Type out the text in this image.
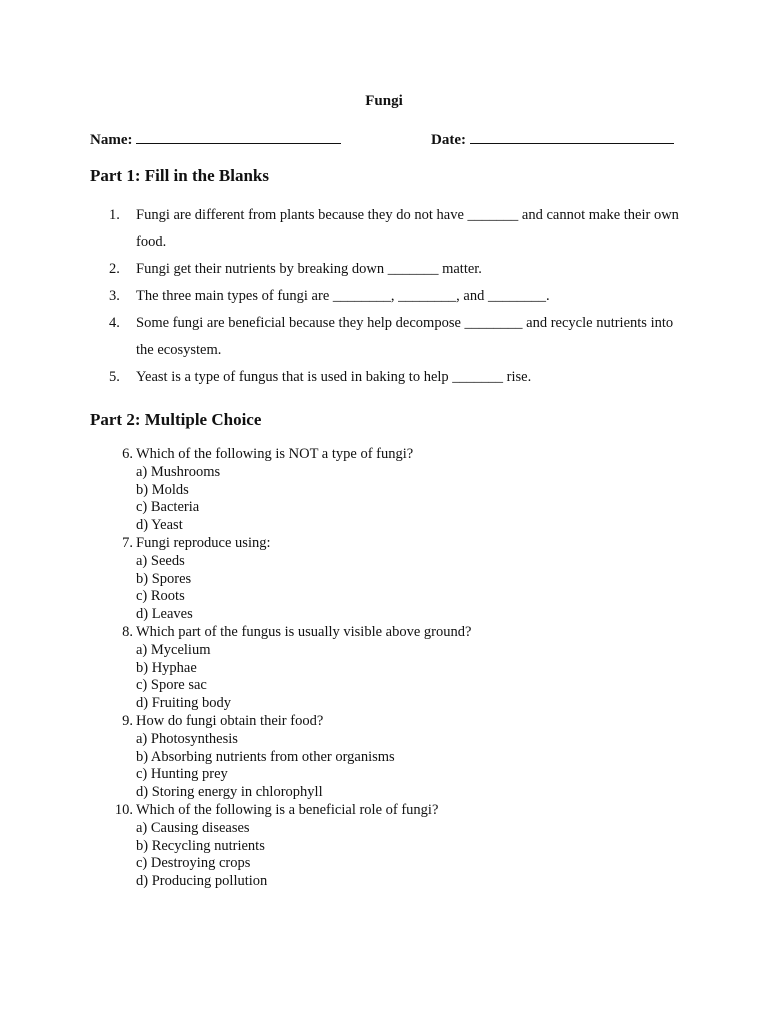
Fungi
Name:	Date:
Part 1: Fill in the Blanks
1. Fungi are different from plants because they do not have _______ and cannot make their own food.
2. Fungi get their nutrients by breaking down _______ matter.
3. The three main types of fungi are ________, ________, and ________.
4. Some fungi are beneficial because they help decompose ________ and recycle nutrients into the ecosystem.
5. Yeast is a type of fungus that is used in baking to help _______ rise.
Part 2: Multiple Choice
6. Which of the following is NOT a type of fungi?
a) Mushrooms
b) Molds
c) Bacteria
d) Yeast
7. Fungi reproduce using:
a) Seeds
b) Spores
c) Roots
d) Leaves
8. Which part of the fungus is usually visible above ground?
a) Mycelium
b) Hyphae
c) Spore sac
d) Fruiting body
9. How do fungi obtain their food?
a) Photosynthesis
b) Absorbing nutrients from other organisms
c) Hunting prey
d) Storing energy in chlorophyll
10. Which of the following is a beneficial role of fungi?
a) Causing diseases
b) Recycling nutrients
c) Destroying crops
d) Producing pollution
